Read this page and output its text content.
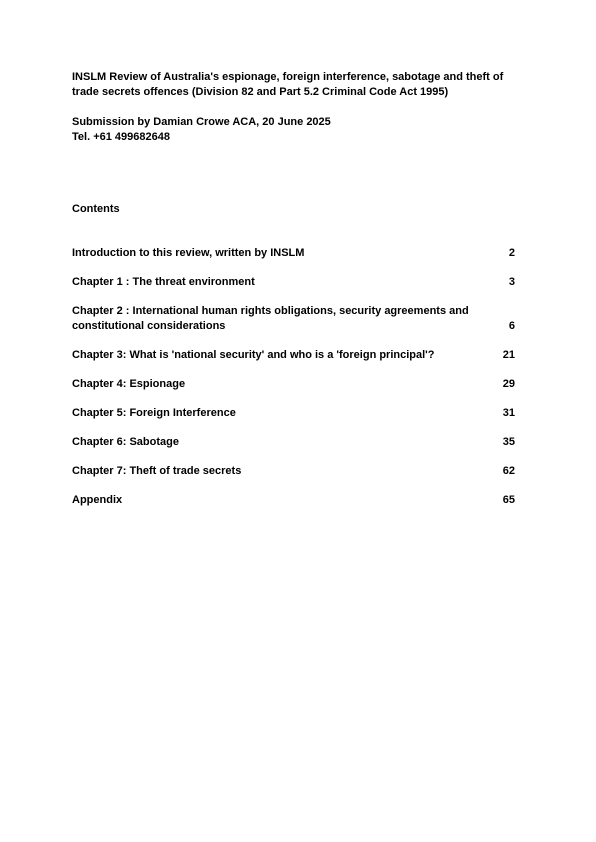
INSLM Review of Australia's espionage, foreign interference, sabotage and theft of
trade secrets offences (Division 82 and Part 5.2 Criminal Code Act 1995)
Submission by Damian Crowe ACA, 20 June 2025
Tel. +61 499682648
Contents
Introduction to this review, written by INSLM	2
Chapter 1 : The threat environment	3
Chapter 2 : International human rights obligations, security agreements and
constitutional considerations	6
Chapter 3: What is 'national security' and who is a 'foreign principal'?	21
Chapter 4: Espionage	29
Chapter 5: Foreign Interference	31
Chapter 6: Sabotage	35
Chapter 7: Theft of trade secrets	62
Appendix	65
